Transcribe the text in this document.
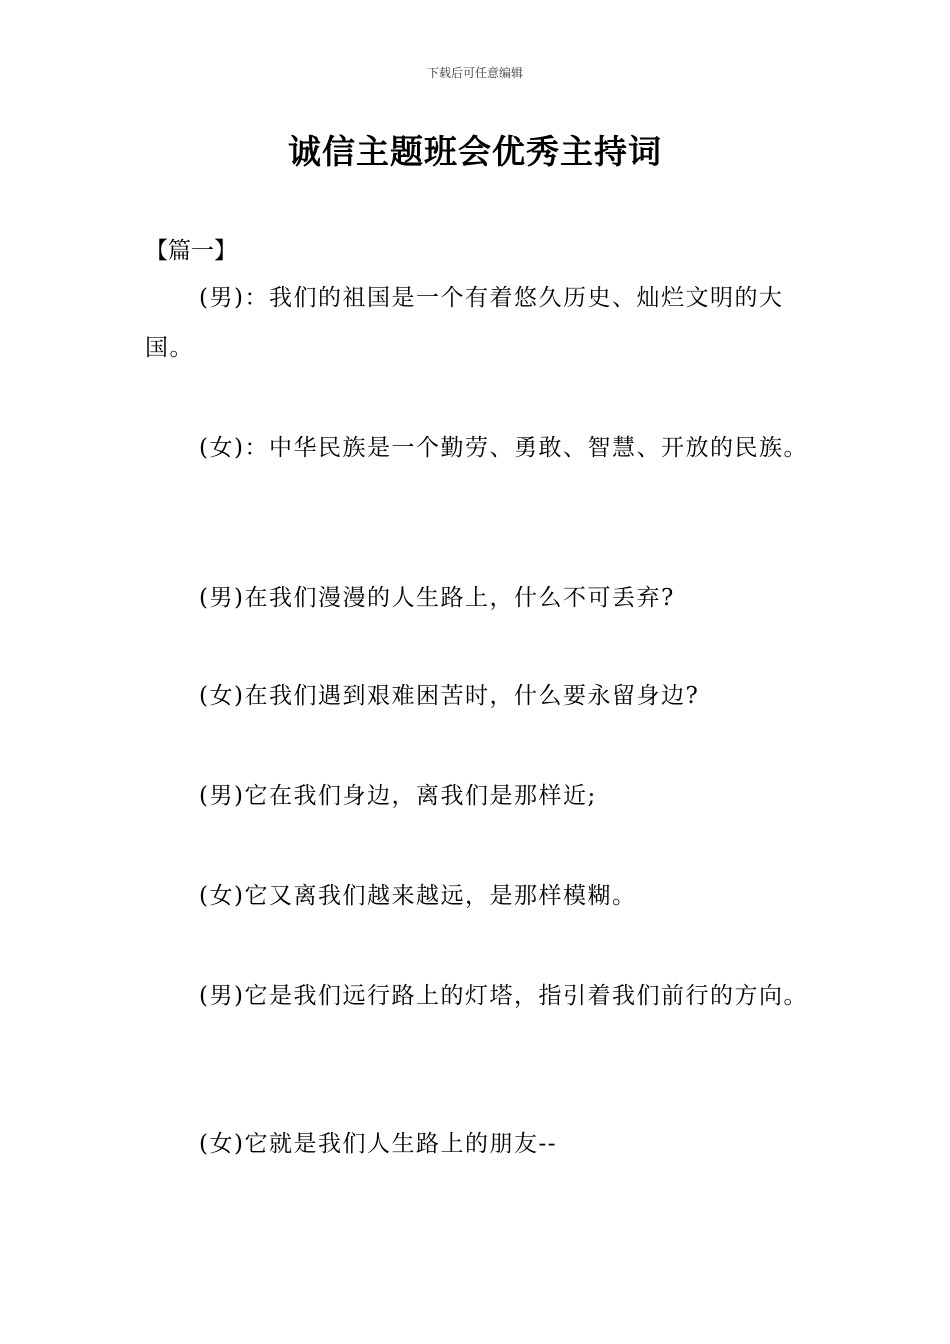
下载后可任意编辑
诚信主题班会优秀主持词
【篇一】

(男)：我们的祖国是一个有着悠久历史、灿烂文明的大国。

(女)：中华民族是一个勤劳、勇敢、智慧、开放的民族。

(男)在我们漫漫的人生路上，什么不可丢弃?

(女)在我们遇到艰难困苦时，什么要永留身边?

(男)它在我们身边，离我们是那样近;

(女)它又离我们越来越远，是那样模糊。

(男)它是我们远行路上的灯塔，指引着我们前行的方向。

(女)它就是我们人生路上的朋友--
